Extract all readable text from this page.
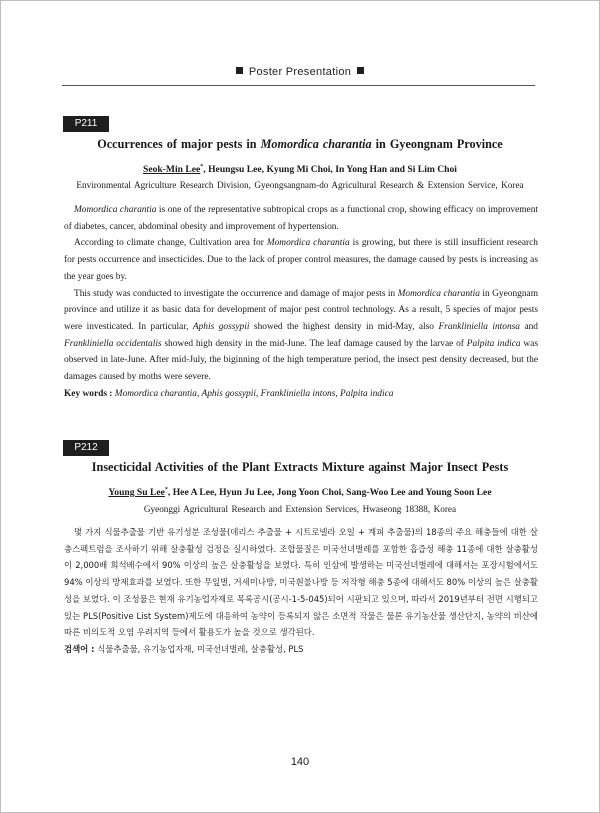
Poster Presentation
P211
Occurrences of major pests in Momordica charantia in Gyeongnam Province
Seok-Min Lee*, Heungsu Lee, Kyung Mi Choi, In Yong Han and Si Lim Choi
Environmental Agriculture Research Division, Gyeongsangnam-do Agricultural Research & Extension Service, Korea

Momordica charantia is one of the representative subtropical crops as a functional crop, showing efficacy on improvement of diabetes, cancer, abdominal obesity and improvement of hypertension.

According to climate change, Cultivation area for Momordica charantia is growing, but there is still insufficient research for pests occurrence and insecticides. Due to the lack of proper control measures, the damage caused by pests is increasing as the year goes by.

This study was conducted to investigate the occurrence and damage of major pests in Momordica charantia in Gyeongnam province and utilize it as basic data for development of major pest control technology. As a result, 5 species of major pests were investicated. In particular, Aphis gossypii showed the highest density in mid-May, also Frankliniella intonsa and Frankliniella occidentalis showed high density in the mid-June. The leaf damage caused by the larvae of Palpita indica was observed in late-June. After mid-July, the biginning of the high temperature period, the insect pest density decreased, but the damages caused by moths were severe.

Key words : Momordica charantia, Aphis gossypii, Frankliniella intons, Palpita indica
P212
Insecticidal Activities of the Plant Extracts Mixture against Major Insect Pests
Young Su Lee*, Hee A Lee, Hyun Ju Lee, Jong Yoon Choi, Sang-Woo Lee and Young Soon Lee
Gyeonggi Agricultural Research and Extension Services, Hwaseong 18388, Korea

몇 가지 식물추출물 기반 유기성분 조성물(데리스 추출물 + 시트로넬라 오일 + 계피 추출물)의 18종의 주요 해충들에 대한 살충스펙트럼을 조사하기 위해 살충활성 검정을 실시하였다. 조합물질은 미국선녀벌레를 포함한 흡즙성 해충 11종에 대한 살충활성이 2,000배 희석배수에서 90% 이상의 높은 살충활성을 보였다. 특히 인삼에 발생하는 미국선녀벌레에 대해서는 포장시험에서도 94% 이상의 방제효과를 보였다. 또한 무잎벌, 거세미나방, 미국흰불나방 등 저작형 해충 5종에 대해서도 80% 이상의 높은 살충활성을 보였다. 이 조성물은 현재 유기농업자재로 목록공시(공시-1-5-045)되어 시판되고 있으며, 따라서 2019년부터 전면 시행되고 있는 PLS(Positive List System)제도에 대응하여 농약이 등록되지 않은 소면적 작물은 물론 유기농산물 생산단지, 농약의 비산에 따른 비의도적 오염 우려지역 등에서 활용도가 높을 것으로 생각된다.

검색어 : 식물추출물, 유기농업자재, 미국선녀벌레, 살충활성, PLS

140
